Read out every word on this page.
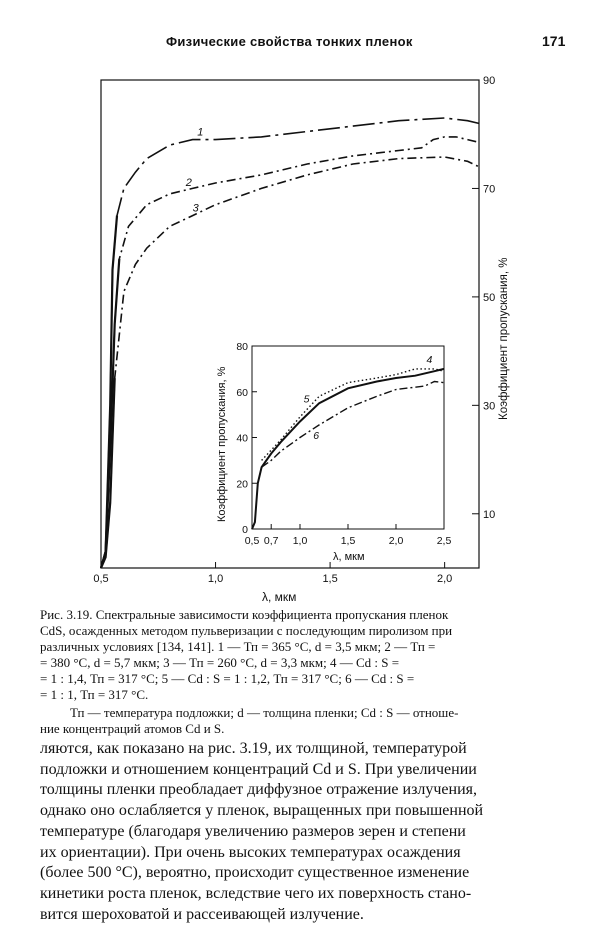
Физические свойства тонких пленок	171
0,5	1,0	1,5	2,0
10
30
50
70
90
1
2
3
λ, мкм
Коэффициент пропускания, %
0,5 0,7 1,0	1,5	2,0	2,5
0
20
40
60
80
4
5
6
λ, мкм
Коэффициент пропускания, %

Рис. 3.19. Спектральные зависимости коэффициента пропускания пленок

CdS, осажденных методом пульверизации с последующим пиролизом при

различных условиях [134, 141]. 1 — Тп = 365 °С, d = 3,5 мкм; 2 — Тп =

= 380 °С, d = 5,7 мкм; 3 — Тп = 260 °С, d = 3,3 мкм; 4 — Cd : S =

= 1 : 1,4, Тп = 317 °С; 5 — Cd : S = 1 : 1,2, Тп = 317 °С; 6 — Cd : S =

= 1 : 1, Тп = 317 °С.

Тп — температура подложки; d — толщина пленки; Cd : S — отноше-

ние концентраций атомов Cd и S.

ляются, как показано на рис. 3.19, их толщиной, температурой

подложки и отношением концентраций Cd и S. При увеличении

толщины пленки преобладает диффузное отражение излучения,

однако оно ослабляется у пленок, выращенных при повышенной

температуре (благодаря увеличению размеров зерен и степени

их ориентации). При очень высоких температурах осаждения

(более 500 °С), вероятно, происходит существенное изменение

кинетики роста пленок, вследствие чего их поверхность стано-

вится шероховатой и рассеивающей излучение.
